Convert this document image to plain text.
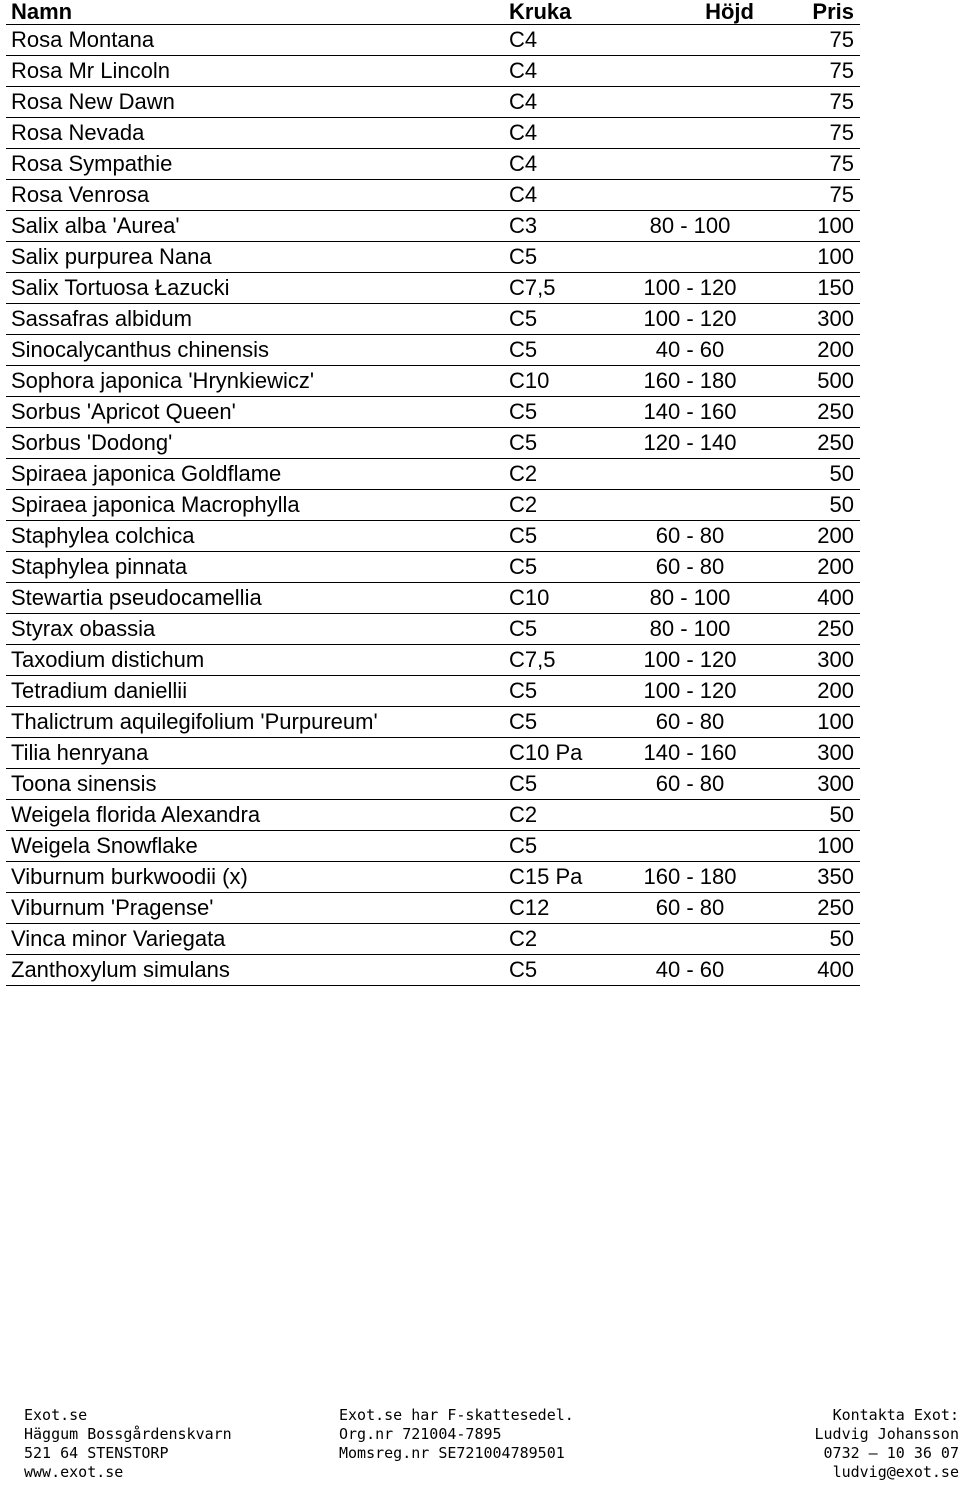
Namn	Kruka	Höjd	Pris
Rosa Montana	C4		75
Rosa Mr Lincoln	C4		75
Rosa New Dawn	C4		75
Rosa Nevada	C4		75
Rosa Sympathie	C4		75
Rosa Venrosa	C4		75
Salix alba 'Aurea'	C3	80 - 100	100
Salix purpurea Nana	C5		100
Salix Tortuosa Łazucki	C7,5	100 - 120	150
Sassafras albidum	C5	100 - 120	300
Sinocalycanthus chinensis	C5	40 - 60	200
Sophora japonica 'Hrynkiewicz'	C10	160 - 180	500
Sorbus 'Apricot Queen'	C5	140 - 160	250
Sorbus 'Dodong'	C5	120 - 140	250
Spiraea japonica Goldflame	C2		50
Spiraea japonica Macrophylla	C2		50
Staphylea colchica	C5	60 - 80	200
Staphylea pinnata	C5	60 - 80	200
Stewartia pseudocamellia	C10	80 - 100	400
Styrax obassia	C5	80 - 100	250
Taxodium distichum	C7,5	100 - 120	300
Tetradium daniellii	C5	100 - 120	200
Thalictrum aquilegifolium 'Purpureum'	C5	60 - 80	100
Tilia henryana	C10 Pa	140 - 160	300
Toona sinensis	C5	60 - 80	300
Weigela florida Alexandra	C2		50
Weigela Snowflake	C5		100
Viburnum burkwoodii (x)	C15 Pa	160 - 180	350
Viburnum 'Pragense'	C12	60 - 80	250
Vinca minor Variegata	C2		50
Zanthoxylum simulans	C5	40 - 60	400
Exot.se
Häggum Bossgårdenskvarn
521 64 STENSTORP
www.exot.se
Exot.se har F-skattesedel.
Org.nr 721004-7895
Momsreg.nr SE721004789501
Kontakta Exot:
Ludvig Johansson
0732 – 10 36 07
ludvig@exot.se
